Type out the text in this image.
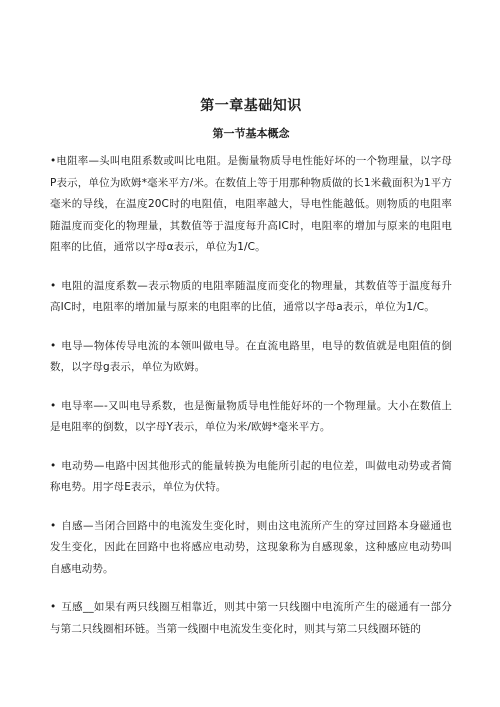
第一章基础知识
第一节基本概念

•电阻率—头叫电阻系数或叫比电阻。是衡量物质导电性能好坏的一个物理量，以字母P表示，单位为欧姆*毫米平方/米。在数值上等于用那种物质做的长1米截面积为1平方毫米的导线，在温度20C时的电阻值，电阻率越大，导电性能越低。则物质的电阻率随温度而变化的物理量，其数值等于温度每升高IC时，电阻率的增加与原来的电阻电阻率的比值，通常以字母α表示，单位为1/C。

• 电阻的温度系数—表示物质的电阻率随温度而变化的物理量，其数值等于温度每升高IC时，电阻率的增加量与原来的电阻率的比值，通常以字母a表示，单位为1/C。

• 电导—物体传导电流的本领叫做电导。在直流电路里，电导的数值就是电阻值的倒数，以字母g表示，单位为欧姆。

• 电导率—-又叫电导系数，也是衡量物质导电性能好坏的一个物理量。大小在数值上是电阻率的倒数，以字母Y表示，单位为米/欧姆*毫米平方。

• 电动势—电路中因其他形式的能量转换为电能所引起的电位差，叫做电动势或者简称电势。用字母E表示，单位为伏特。

• 自感—当闭合回路中的电流发生变化时，则由这电流所产生的穿过回路本身磁通也发生变化，因此在回路中也将感应电动势，这现象称为自感现象，这种感应电动势叫自感电动势。

• 互感__如果有两只线圈互相靠近，则其中第一只线圈中电流所产生的磁通有一部分与第二只线圈相环链。当第一线圈中电流发生变化时，则其与第二只线圈环链的
